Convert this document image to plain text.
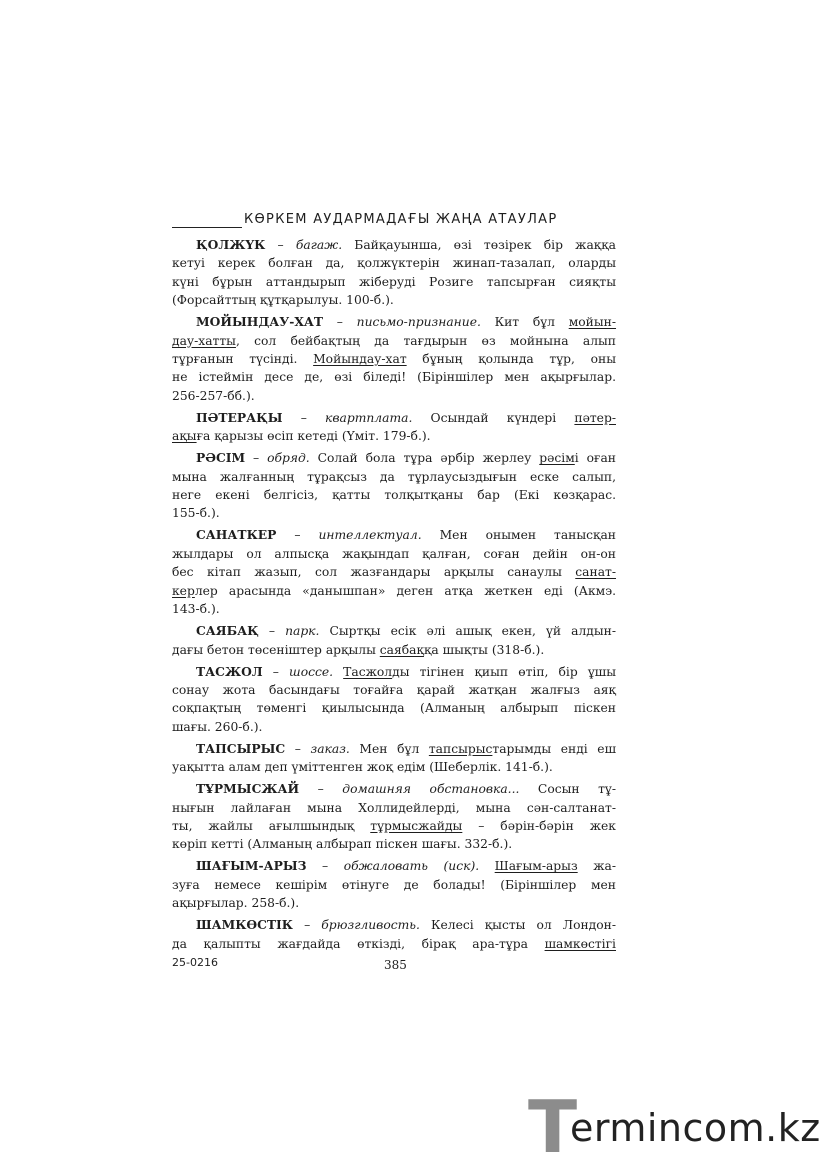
КӨРКЕМ АУДАРМАДАҒЫ ЖАҢА АТАУЛАР
ҚОЛЖҮК – багаж. Байқауынша, өзі төзірек бір жаққа
кетуі керек болған да, қолжүктерін жинап-тазалап, оларды
күні бұрын аттандырып жіберуді Розиге тапсырған сияқты
(Форсайттың құтқарылуы. 100-б.).
МОЙЫНДАУ-ХАТ – письмо-признание. Кит бұл мойын-
дау-хатты, сол бейбақтың да тағдырын өз мойнына алып
тұрғанын түсінді. Мойындау-хат бұның қолында тұр, оны
не істеймін десе де, өзі біледі! (Біріншілер мен ақырғылар.
256-257-бб.).
ПӘТЕРАҚЫ – квартплата. Осындай күндері пәтер-
ақыға қарызы өсіп кетеді (Үміт. 179-б.).
РӘСІМ – обряд. Солай бола тұра әрбір жерлеу рәсімі оған
мына жалғанның тұрақсыз да тұрлаусыздығын еске салып,
неге екені белгісіз, қатты толқытқаны бар (Екі көзқарас.
155-б.).
САНАТКЕР – интеллектуал. Мен онымен танысқан
жылдары ол алпысқа жақындап қалған, соған дейін он-он
бес кітап жазып, сол жазғандары арқылы санаулы санат-
керлер арасында «данышпан» деген атқа жеткен еді (Акмэ.
143-б.).
САЯБАҚ – парк. Сыртқы есік әлі ашық екен, үй алдын-
дағы бетон төсеніштер арқылы саябаққа шықты (318-б.).
ТАСЖОЛ – шоссе. Тасжолды тігінен қиып өтіп, бір ұшы
сонау жота басындағы тоғайға қарай жатқан жалғыз аяқ
соқпақтың төменгі қиылысында (Алманың албырып піскен
шағы. 260-б.).
ТАПСЫРЫС – заказ. Мен бұл тапсырыстарымды енді еш
уақытта алам деп үміттенген жоқ едім (Шеберлік. 141-б.).
ТҰРМЫСЖАЙ – домашняя обстановка... Сосын тұ-
нығын лайлаған мына Холлидейлерді, мына сән-салтанат-
ты, жайлы ағылшындық тұрмысжайды – бәрін-бәрін жек
көріп кетті (Алманың албырап піскен шағы. 332-б.).
ШАҒЫМ-АРЫЗ – обжаловать (иск). Шағым-арыз жа-
зуға немесе кешірім өтінуге де болады! (Біріншілер мен
ақырғылар. 258-б.).
ШАМКӨСТІК – брюзгливость. Келесі қысты ол Лондон-
да қалыпты жағдайда өткізді, бірақ ара-тұра шамкөстігі
25-0216	385
T
ermincom.kz
